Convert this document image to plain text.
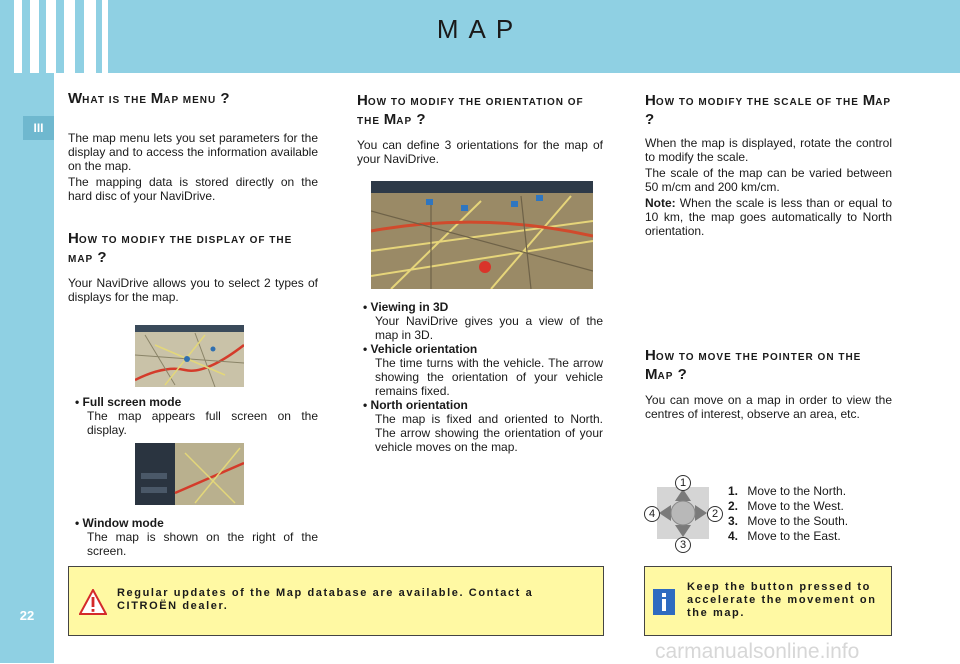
MAP
III
22
WHAT IS THE MAP MENU ?

The map menu lets you set parameters for the display and to access the information available on the map.

The mapping data is stored directly on the hard disc of your NaviDrive.

HOW TO MODIFY THE DISPLAY OF THE MAP ?

Your NaviDrive allows you to select 2 types of displays for the map.

• Full screen mode
The map appears full screen on the display.
• Window mode
The map is shown on the right of the screen.
HOW TO MODIFY THE ORIENTATION OF THE MAP ?

You can define 3 orientations for the map of your NaviDrive.

• Viewing in 3D
Your NaviDrive gives you a view of the map in 3D.
• Vehicle orientation
The time turns with the vehicle. The arrow showing the orientation of your vehicle remains fixed.
• North orientation
The map is fixed and oriented to North. The arrow showing the orientation of your vehicle moves on the map.
HOW TO MODIFY THE SCALE OF THE MAP ?

When the map is displayed, rotate the control to modify the scale.

The scale of the map can be varied between 50 m/cm and 200 km/cm.

Note: When the scale is less than or equal to 10 km, the map goes automatically to North orientation.

HOW TO MOVE THE POINTER ON THE MAP ?

You can move on a map in order to view the centres of interest, observe an area, etc.

1
2
3
4
1. Move to the North.
2. Move to the West.
3. Move to the South.
4. Move to the East.
Regular updates of the Map database are available. Contact a CITROËN dealer.
Keep the button pressed to accelerate the movement on the map.
carmanualsonline.info
